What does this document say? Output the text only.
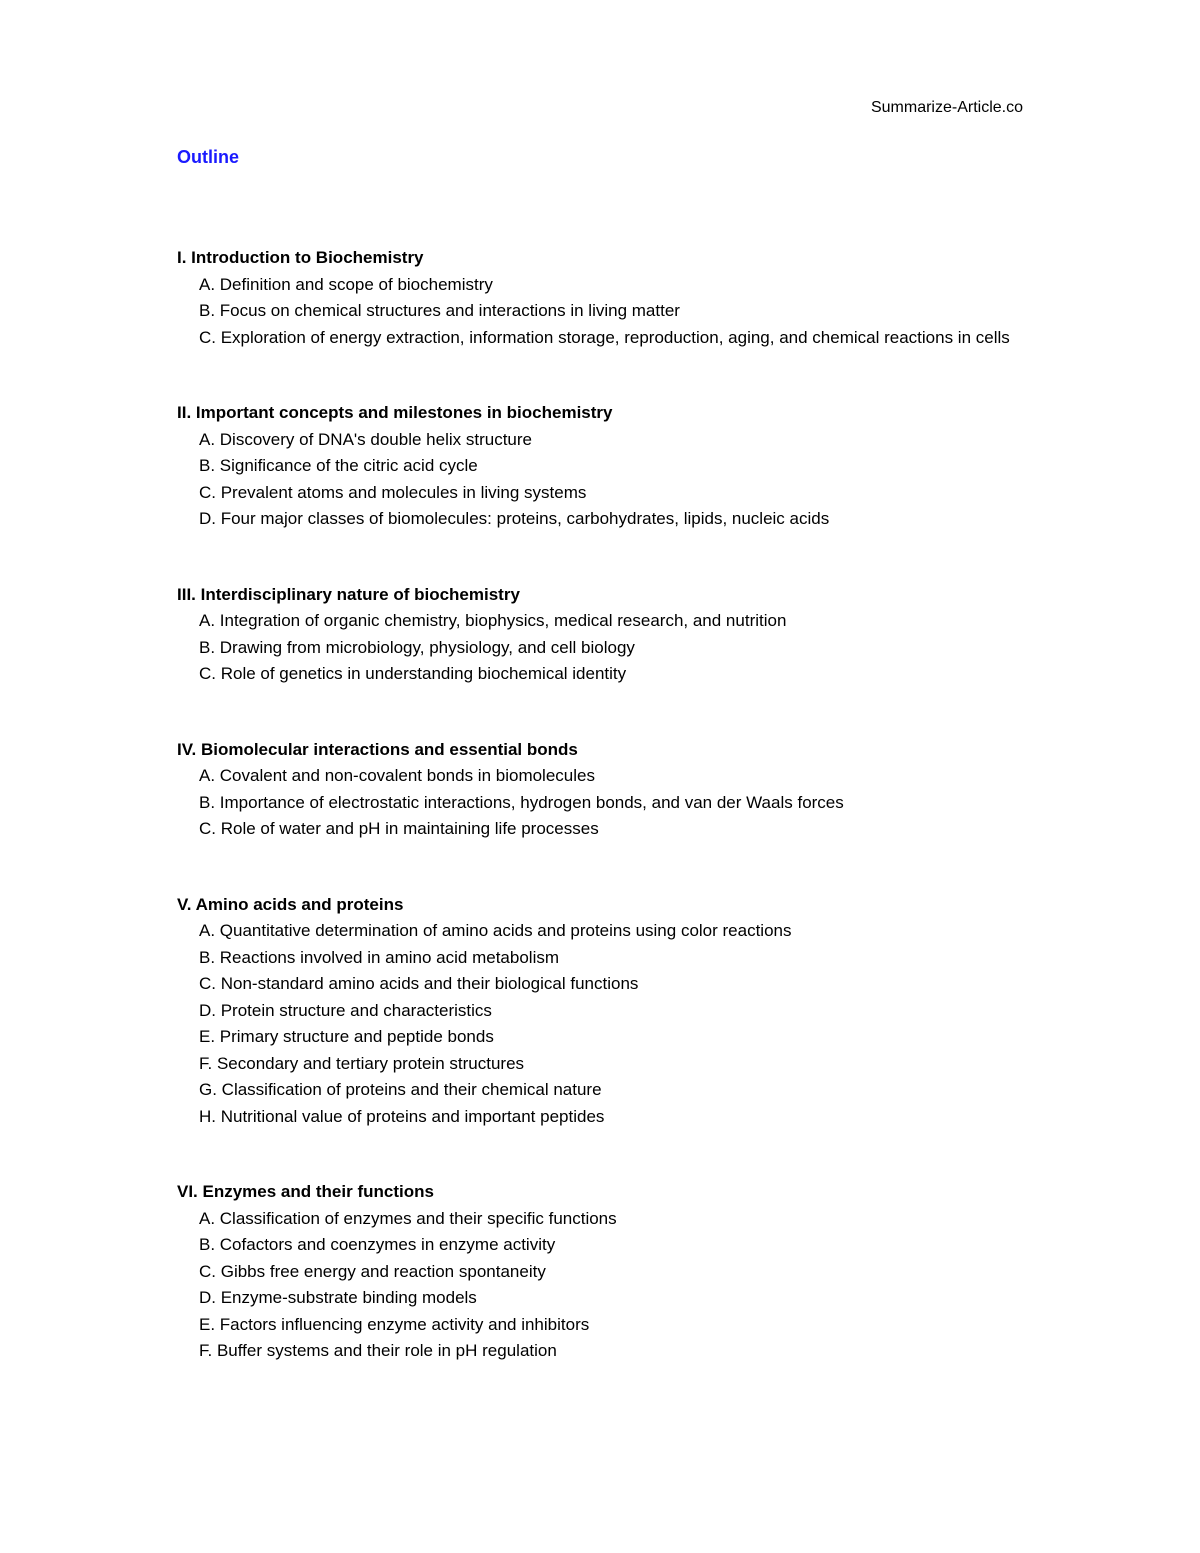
Summarize-Article.co
Outline
I. Introduction to Biochemistry
A. Definition and scope of biochemistry
B. Focus on chemical structures and interactions in living matter
C. Exploration of energy extraction, information storage, reproduction, aging, and chemical reactions in cells
II. Important concepts and milestones in biochemistry
A. Discovery of DNA's double helix structure
B. Significance of the citric acid cycle
C. Prevalent atoms and molecules in living systems
D. Four major classes of biomolecules: proteins, carbohydrates, lipids, nucleic acids
III. Interdisciplinary nature of biochemistry
A. Integration of organic chemistry, biophysics, medical research, and nutrition
B. Drawing from microbiology, physiology, and cell biology
C. Role of genetics in understanding biochemical identity
IV. Biomolecular interactions and essential bonds
A. Covalent and non-covalent bonds in biomolecules
B. Importance of electrostatic interactions, hydrogen bonds, and van der Waals forces
C. Role of water and pH in maintaining life processes
V. Amino acids and proteins
A. Quantitative determination of amino acids and proteins using color reactions
B. Reactions involved in amino acid metabolism
C. Non-standard amino acids and their biological functions
D. Protein structure and characteristics
E. Primary structure and peptide bonds
F. Secondary and tertiary protein structures
G. Classification of proteins and their chemical nature
H. Nutritional value of proteins and important peptides
VI. Enzymes and their functions
A. Classification of enzymes and their specific functions
B. Cofactors and coenzymes in enzyme activity
C. Gibbs free energy and reaction spontaneity
D. Enzyme-substrate binding models
E. Factors influencing enzyme activity and inhibitors
F. Buffer systems and their role in pH regulation
